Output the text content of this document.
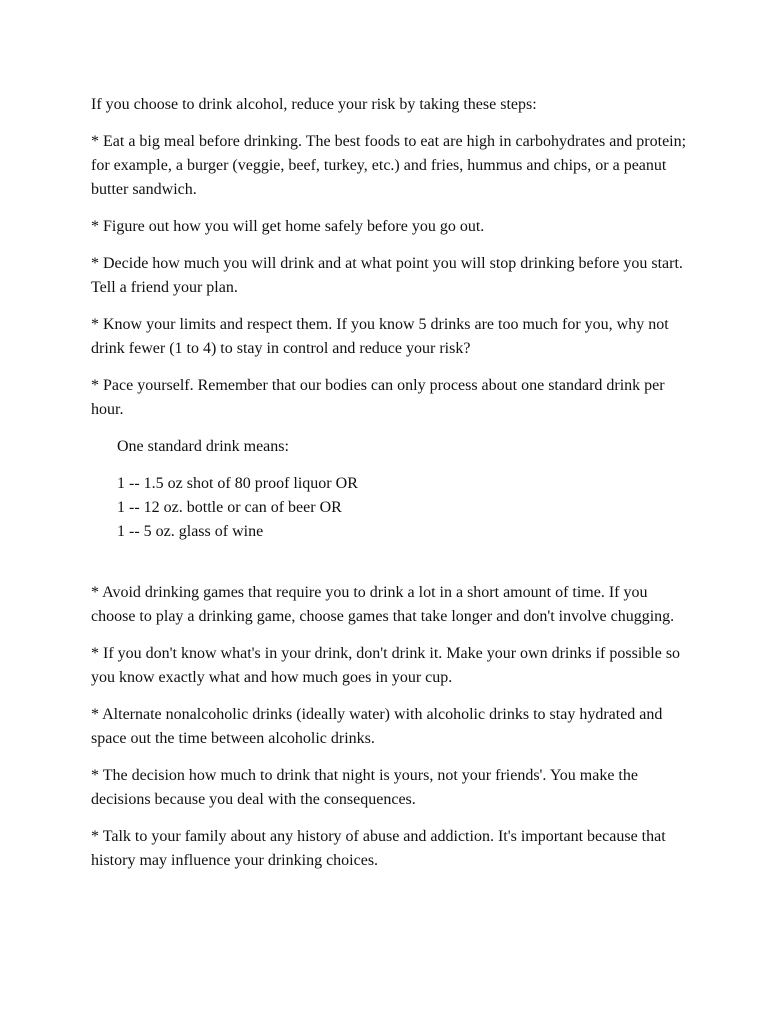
If you choose to drink alcohol, reduce your risk by taking these steps:

* Eat a big meal before drinking. The best foods to eat are high in carbohydrates and protein; for example, a burger (veggie, beef, turkey, etc.) and fries, hummus and chips, or a peanut butter sandwich.

* Figure out how you will get home safely before you go out.

* Decide how much you will drink and at what point you will stop drinking before you start. Tell a friend your plan.

* Know your limits and respect them. If you know 5 drinks are too much for you, why not drink fewer (1 to 4) to stay in control and reduce your risk?

* Pace yourself. Remember that our bodies can only process about one standard drink per hour.

One standard drink means:

1 -- 1.5 oz shot of 80 proof liquor OR
1 -- 12 oz. bottle or can of beer OR
1 -- 5 oz. glass of wine

* Avoid drinking games that require you to drink a lot in a short amount of time. If you choose to play a drinking game, choose games that take longer and don't involve chugging.

* If you don't know what's in your drink, don't drink it. Make your own drinks if possible so you know exactly what and how much goes in your cup.

* Alternate nonalcoholic drinks (ideally water) with alcoholic drinks to stay hydrated and space out the time between alcoholic drinks.

* The decision how much to drink that night is yours, not your friends'. You make the decisions because you deal with the consequences.

* Talk to your family about any history of abuse and addiction. It's important because that history may influence your drinking choices.
